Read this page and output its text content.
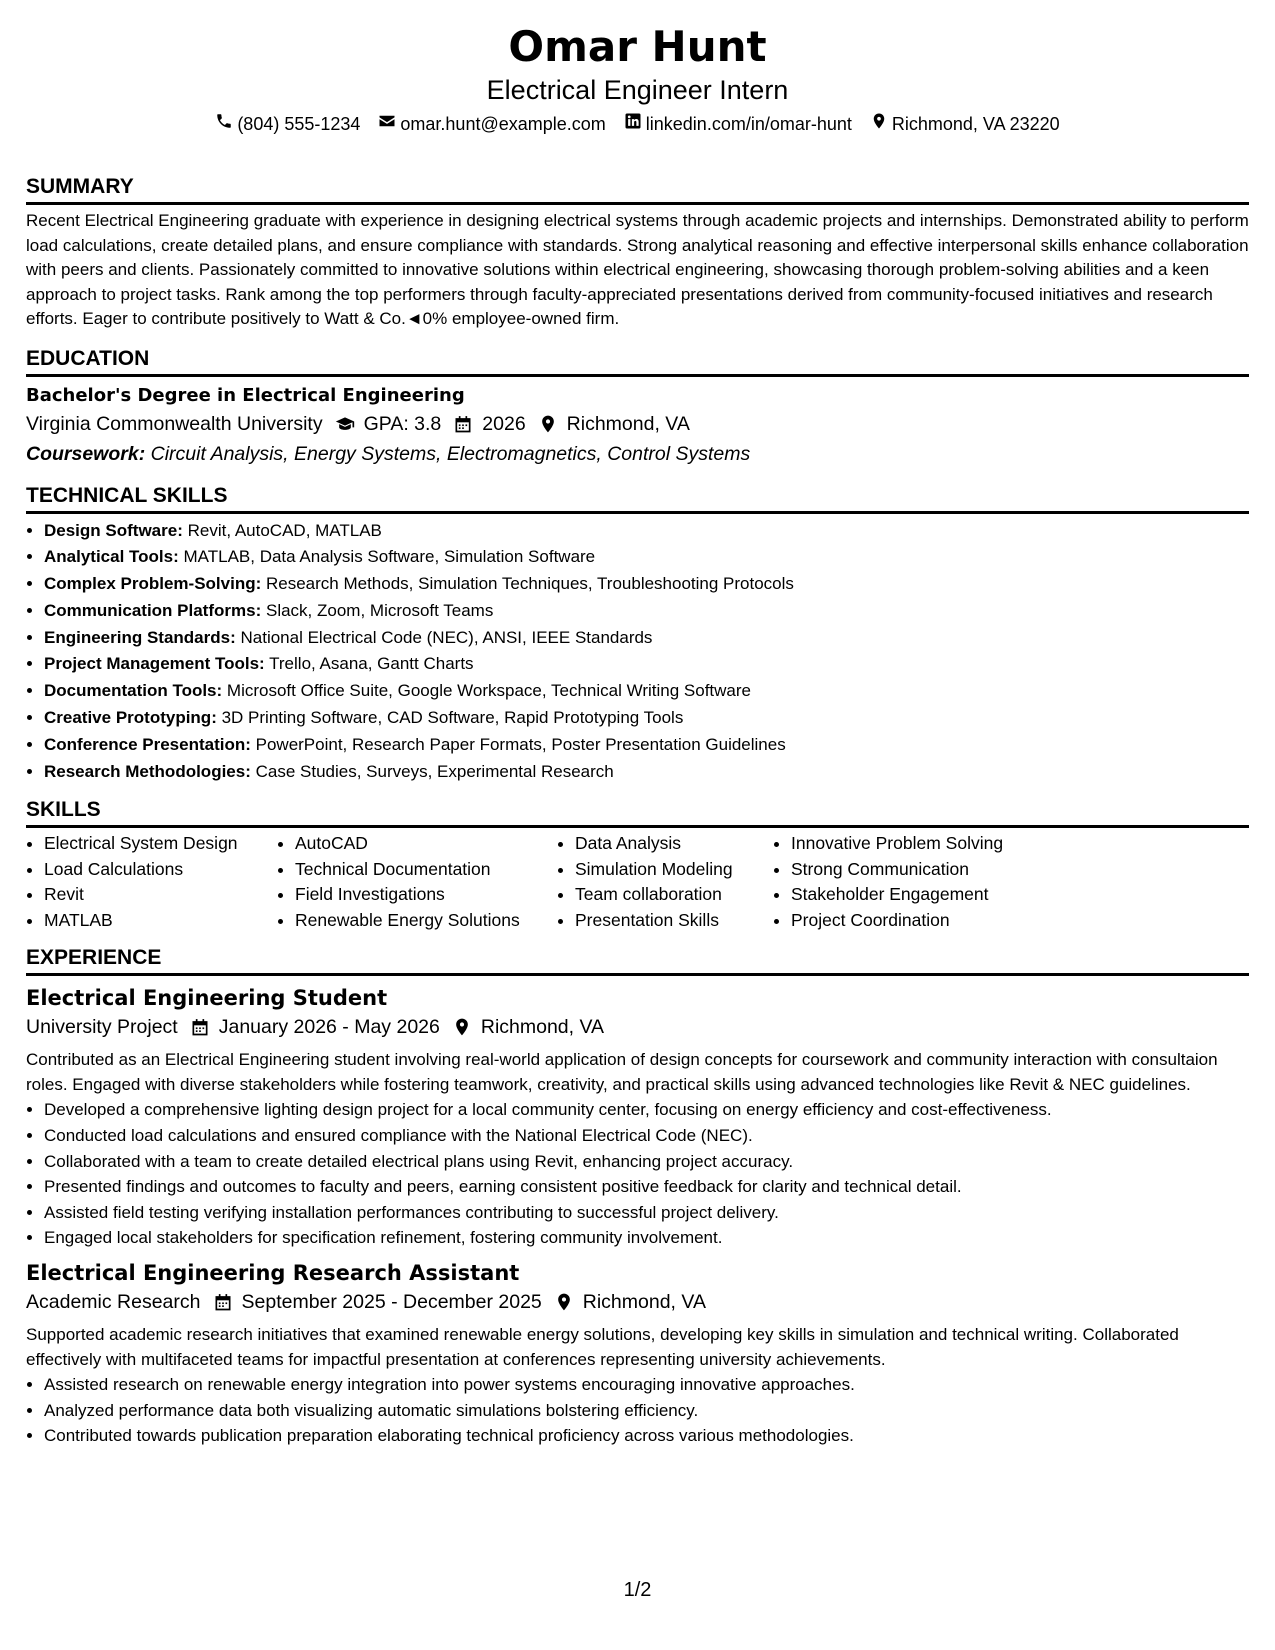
Omar Hunt
Electrical Engineer Intern
(804) 555-1234 omar.hunt@example.com linkedin.com/in/omar-hunt Richmond, VA 23220
SUMMARY

Recent Electrical Engineering graduate with experience in designing electrical systems through academic projects and internships. Demonstrated ability to perform load calculations, create detailed plans, and ensure compliance with standards. Strong analytical reasoning and effective interpersonal skills enhance collaboration with peers and clients. Passionately committed to innovative solutions within electrical engineering, showcasing thorough problem-solving abilities and a keen approach to project tasks. Rank among the top performers through faculty-appreciated presentations derived from community-focused initiatives and research efforts. Eager to contribute positively to Watt & Co.◄0% employee-owned firm.

EDUCATION
Bachelor's Degree in Electrical Engineering
Virginia Commonwealth University GPA: 3.8 2026 Richmond, VA
Coursework: Circuit Analysis, Energy Systems, Electromagnetics, Control Systems
TECHNICAL SKILLS
• Design Software: Revit, AutoCAD, MATLAB
• Analytical Tools: MATLAB, Data Analysis Software, Simulation Software
• Complex Problem-Solving: Research Methods, Simulation Techniques, Troubleshooting Protocols
• Communication Platforms: Slack, Zoom, Microsoft Teams
• Engineering Standards: National Electrical Code (NEC), ANSI, IEEE Standards
• Project Management Tools: Trello, Asana, Gantt Charts
• Documentation Tools: Microsoft Office Suite, Google Workspace, Technical Writing Software
• Creative Prototyping: 3D Printing Software, CAD Software, Rapid Prototyping Tools
• Conference Presentation: PowerPoint, Research Paper Formats, Poster Presentation Guidelines
• Research Methodologies: Case Studies, Surveys, Experimental Research
SKILLS
• Electrical System Design
• Load Calculations
• Revit
• MATLAB
• AutoCAD
• Technical Documentation
• Field Investigations
• Renewable Energy Solutions
• Data Analysis
• Simulation Modeling
• Team collaboration
• Presentation Skills
• Innovative Problem Solving
• Strong Communication
• Stakeholder Engagement
• Project Coordination
EXPERIENCE
Electrical Engineering Student
University Project January 2026 - May 2026 Richmond, VA

Contributed as an Electrical Engineering student involving real-world application of design concepts for coursework and community interaction with consultaion roles. Engaged with diverse stakeholders while fostering teamwork, creativity, and practical skills using advanced technologies like Revit & NEC guidelines.

• Developed a comprehensive lighting design project for a local community center, focusing on energy efficiency and cost-effectiveness.
• Conducted load calculations and ensured compliance with the National Electrical Code (NEC).
• Collaborated with a team to create detailed electrical plans using Revit, enhancing project accuracy.
• Presented findings and outcomes to faculty and peers, earning consistent positive feedback for clarity and technical detail.
• Assisted field testing verifying installation performances contributing to successful project delivery.
• Engaged local stakeholders for specification refinement, fostering community involvement.
Electrical Engineering Research Assistant
Academic Research September 2025 - December 2025 Richmond, VA

Supported academic research initiatives that examined renewable energy solutions, developing key skills in simulation and technical writing. Collaborated effectively with multifaceted teams for impactful presentation at conferences representing university achievements.

• Assisted research on renewable energy integration into power systems encouraging innovative approaches.
• Analyzed performance data both visualizing automatic simulations bolstering efficiency.
• Contributed towards publication preparation elaborating technical proficiency across various methodologies.
1/2
